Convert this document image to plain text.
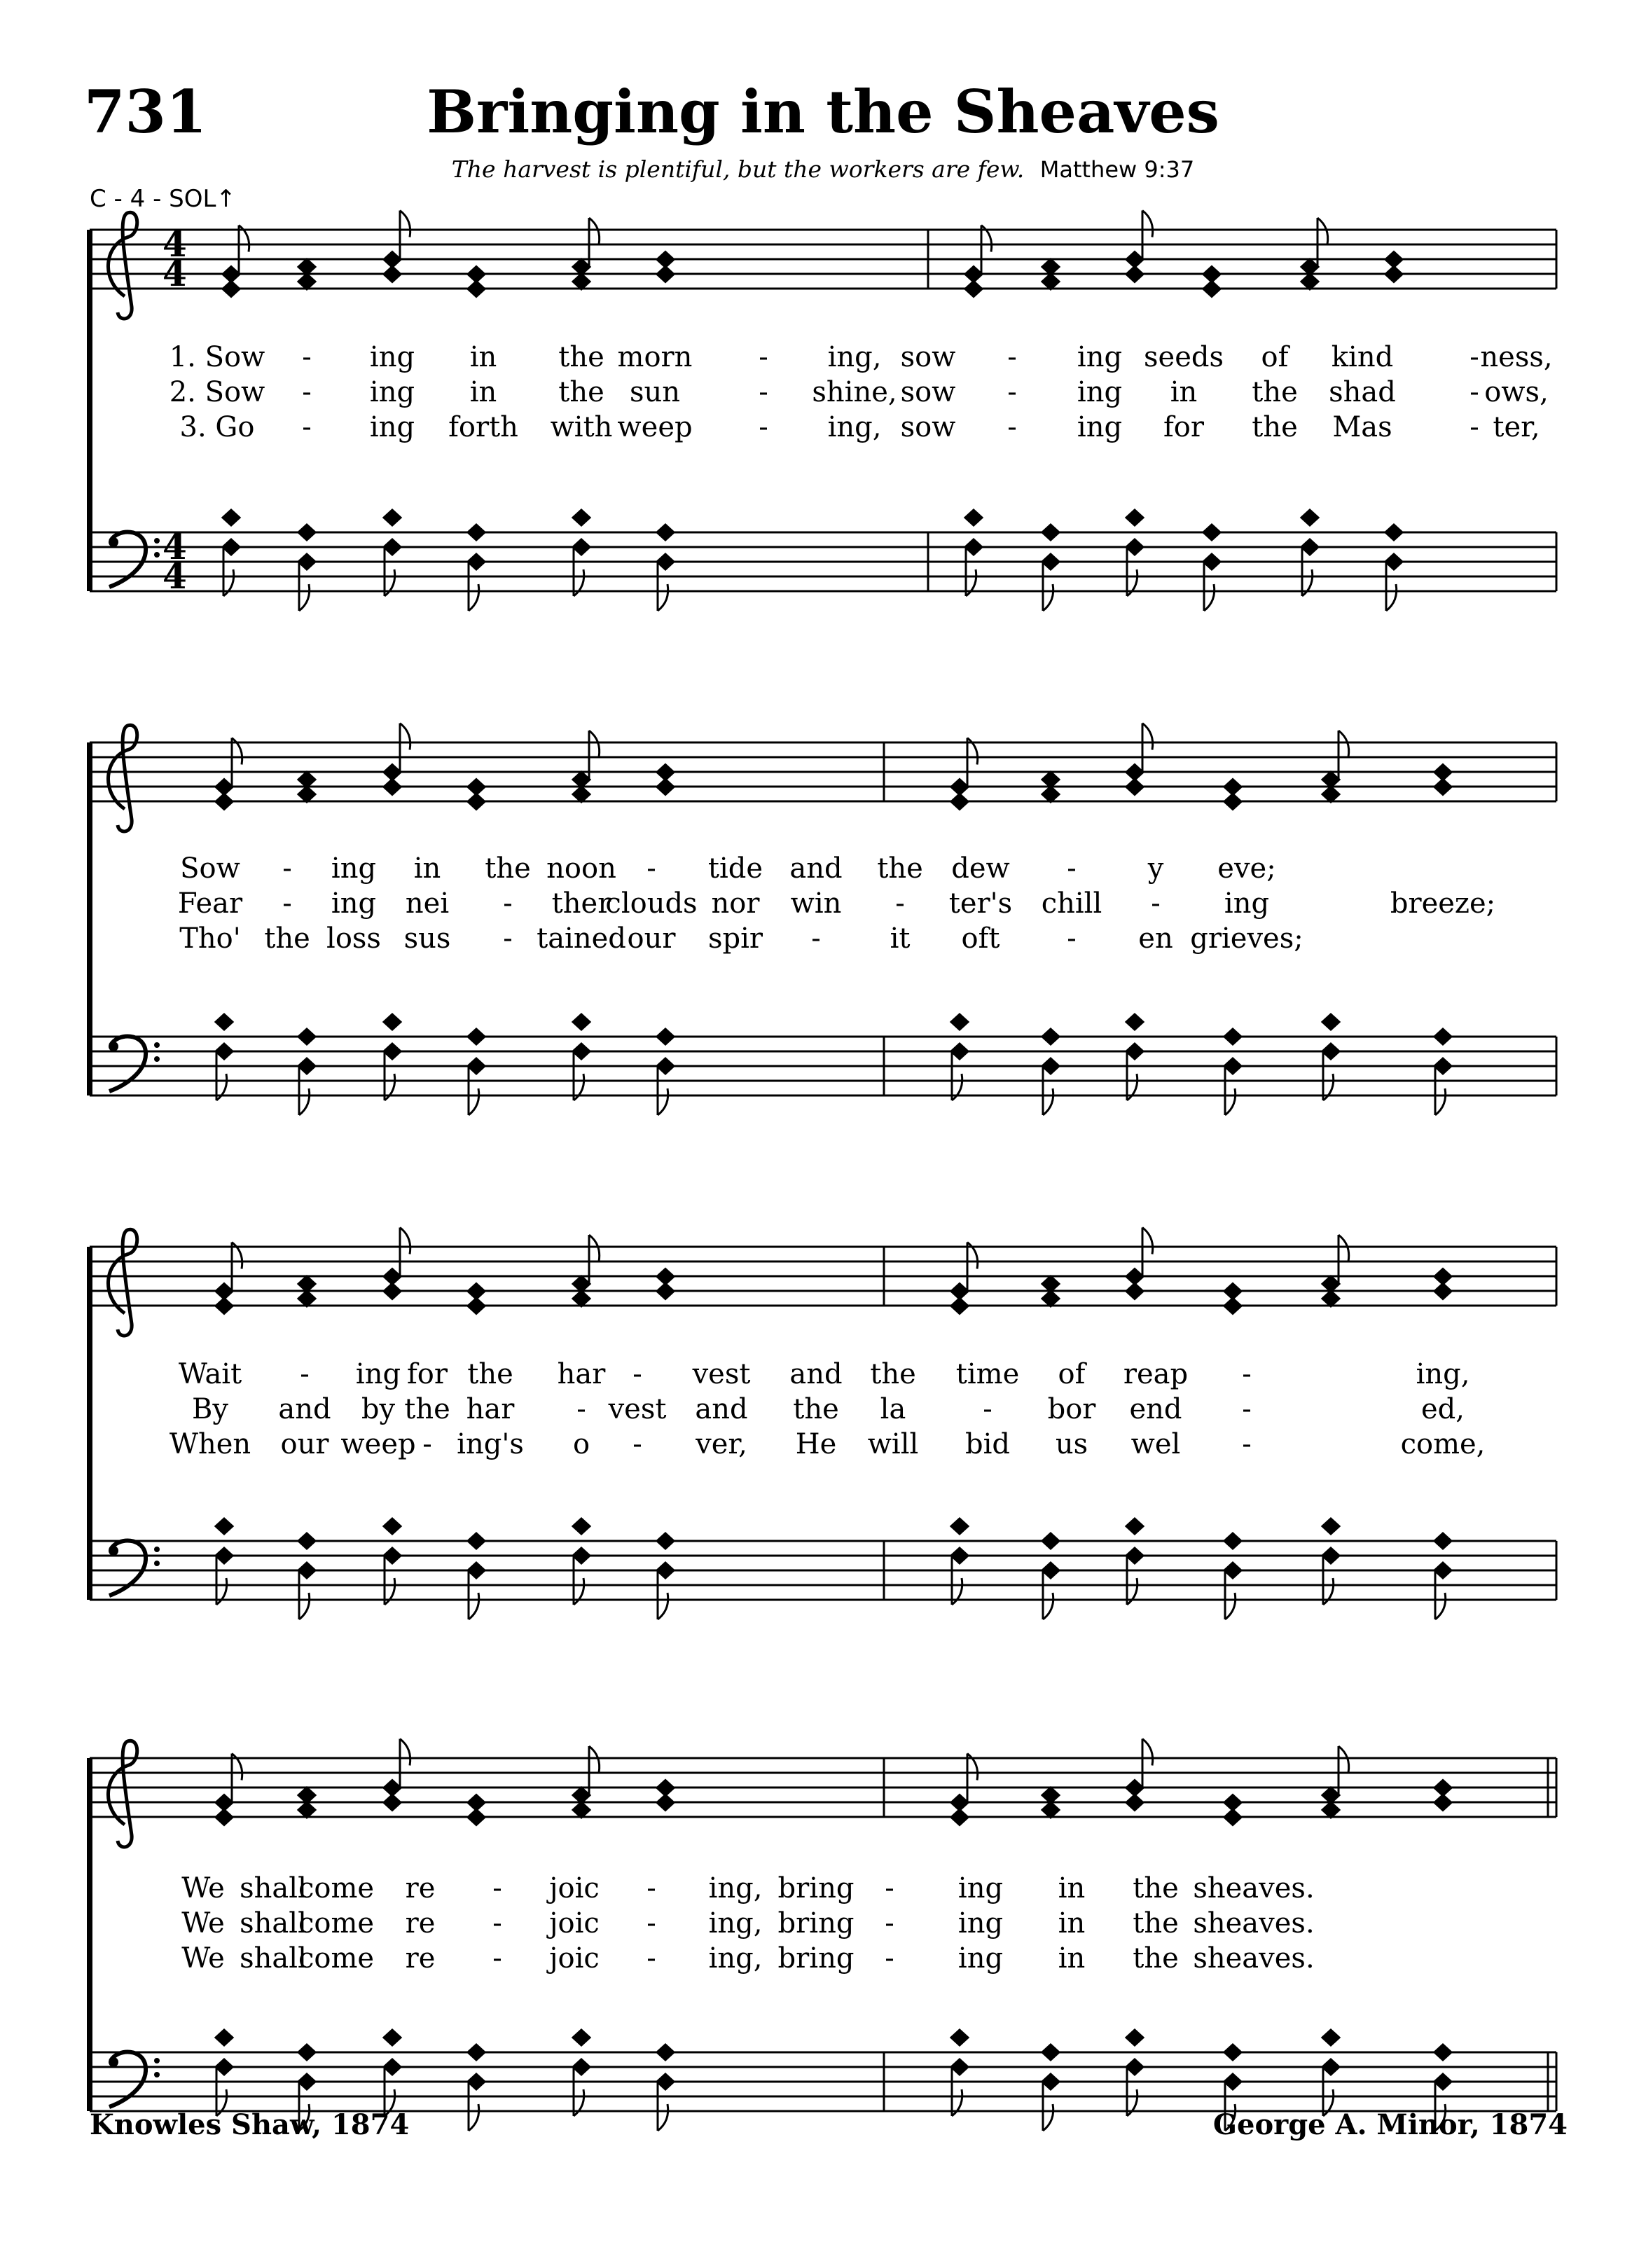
731	Bringing in the Sheaves
The harvest is plentiful, but the workers are few. Matthew 9:37
C - 4 - SOL↑
4
4
4
4
1. Sow - ing in the morn - ing, sow - ing seeds of kind	- ness,
2. Sow - ing in the sun	- shine, sow - ing in the shad	- ows,
3. Go - ing forth with weep - ing, sow - ing for the Mas	- ter,
Sow - ing in the noon - tide and the dew -	y eve;
Fear - ing nei - ther
clouds nor win - ter's chill - ing	breeze;
Tho' the loss sus - tained our spir - it oft - en grieves;
Wait - ing for the har - vest and the time of reap -	ing,
By and by the har - vest and the la	- bor end -	ed,
When our weep - ing's o - ver, He will bid us wel -	come,
We shall
come re - joic - ing, bring - ing in the sheaves.
We shall
come re - joic - ing, bring - ing in the sheaves.
We shall
come re - joic - ing, bring - ing in the sheaves.
Knowles Shaw, 1874	George A. Minor, 1874
